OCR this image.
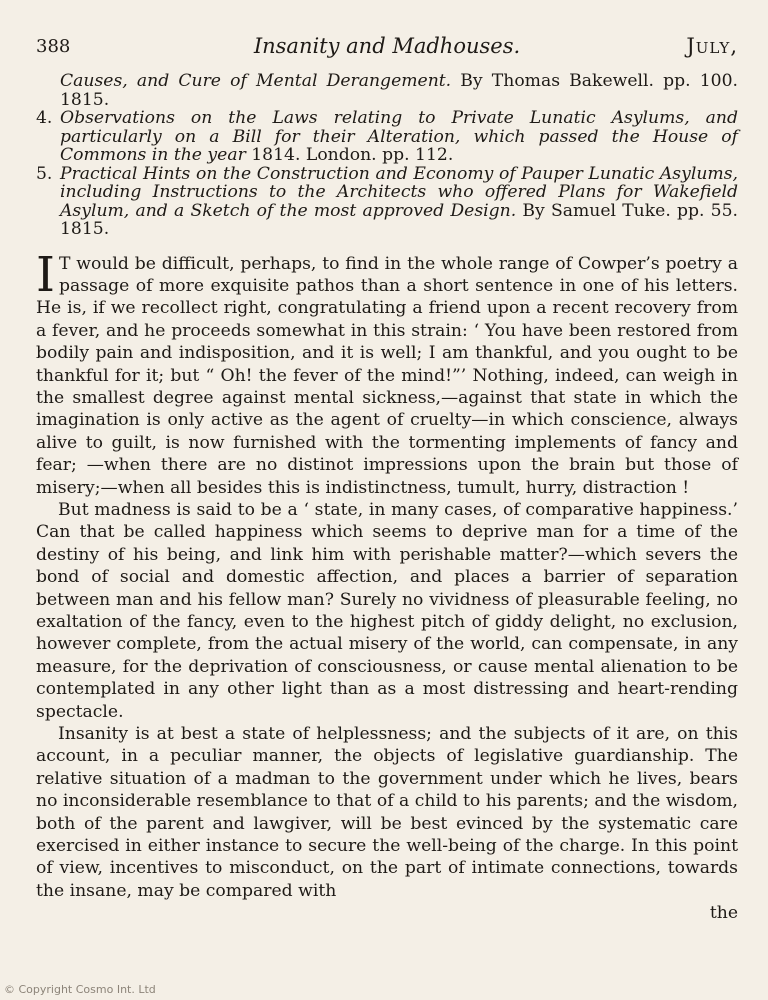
388	Insanity and Madhouses.	July,
Causes, and Cure of Mental Derangement. By Thomas Bakewell. pp. 100. 1815.
4. Observations on the Laws relating to Private Lunatic Asylums, and particularly on a Bill for their Alteration, which passed the House of Commons in the year 1814. London. pp. 112.
5. Practical Hints on the Construction and Economy of Pauper Lunatic Asylums, including Instructions to the Architects who offered Plans for Wakefield Asylum, and a Sketch of the most approved Design. By Samuel Tuke. pp. 55. 1815.

I T would be difficult, perhaps, to find in the whole range of Cowper’s poetry a passage of more exquisite pathos than a short sentence in one of his letters. He is, if we recollect right, congratulating a friend upon a recent recovery from a fever, and he proceeds somewhat in this strain: ‘ You have been restored from bodily pain and indisposition, and it is well; I am thankful, and you ought to be thankful for it; but “ Oh! the fever of the mind!”’ Nothing, indeed, can weigh in the smallest degree against mental sickness,—against that state in which the imagination is only active as the agent of cruelty—in which conscience, always alive to guilt, is now furnished with the tormenting implements of fancy and fear; —when there are no distinot impressions upon the brain but those of misery;—when all besides this is indistinctness, tumult, hurry, distraction !

But madness is said to be a ‘ state, in many cases, of comparative happiness.’ Can that be called happiness which seems to deprive man for a time of the destiny of his being, and link him with perishable matter?—which severs the bond of social and domestic affection, and places a barrier of separation between man and his fellow man? Surely no vividness of pleasurable feeling, no exaltation of the fancy, even to the highest pitch of giddy delight, no exclusion, however complete, from the actual misery of the world, can compensate, in any measure, for the deprivation of consciousness, or cause mental alienation to be contemplated in any other light than as a most distressing and heart-rending spectacle.

Insanity is at best a state of helplessness; and the subjects of it are, on this account, in a peculiar manner, the objects of legislative guardianship. The relative situation of a madman to the government under which he lives, bears no inconsiderable resemblance to that of a child to his parents; and the wisdom, both of the parent and lawgiver, will be best evinced by the systematic care exercised in either instance to secure the well-being of the charge. In this point of view, incentives to misconduct, on the part of intimate connections, towards the insane, may be compared with

the
© Copyright Cosmo Int. Ltd
